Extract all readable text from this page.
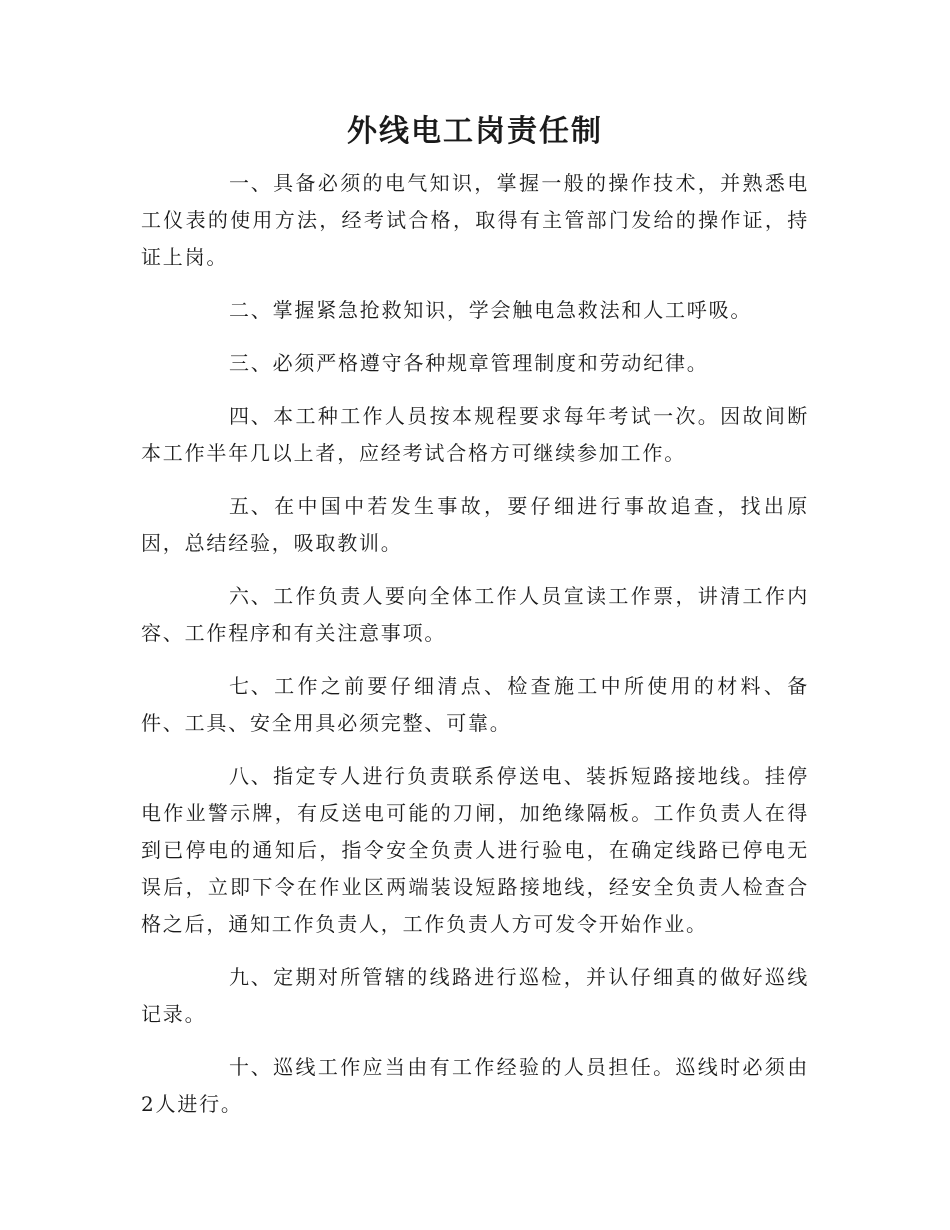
外线电工岗责任制

一、具备必须的电气知识，掌握一般的操作技术，并熟悉电工仪表的使用方法，经考试合格，取得有主管部门发给的操作证，持证上岗。

二、掌握紧急抢救知识，学会触电急救法和人工呼吸。

三、必须严格遵守各种规章管理制度和劳动纪律。

四、本工种工作人员按本规程要求每年考试一次。因故间断本工作半年几以上者，应经考试合格方可继续参加工作。

五、在中国中若发生事故，要仔细进行事故追查，找出原因，总结经验，吸取教训。

六、工作负责人要向全体工作人员宣读工作票，讲清工作内容、工作程序和有关注意事项。

七、工作之前要仔细清点、检查施工中所使用的材料、备件、工具、安全用具必须完整、可靠。

八、指定专人进行负责联系停送电、装拆短路接地线。挂停电作业警示牌，有反送电可能的刀闸，加绝缘隔板。工作负责人在得到已停电的通知后，指令安全负责人进行验电，在确定线路已停电无误后，立即下令在作业区两端装设短路接地线，经安全负责人检查合格之后，通知工作负责人，工作负责人方可发令开始作业。

九、定期对所管辖的线路进行巡检，并认仔细真的做好巡线记录。

十、巡线工作应当由有工作经验的人员担任。巡线时必须由2人进行。
